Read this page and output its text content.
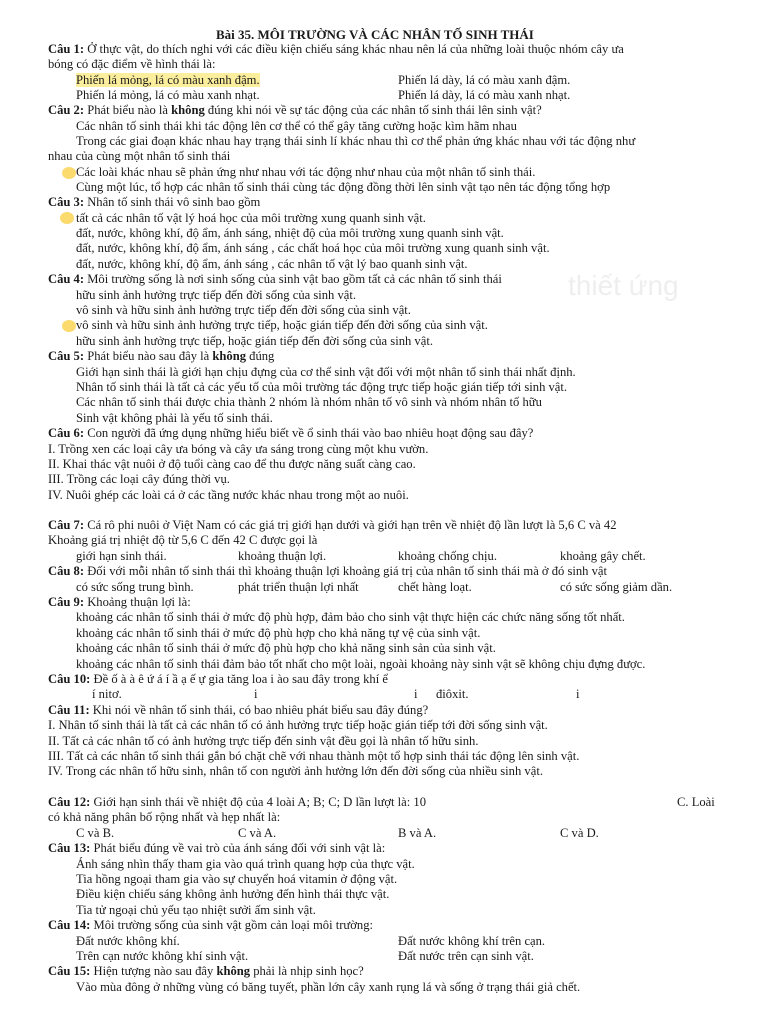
thiết ứng
Bài 35. MÔI TRƯỜNG VÀ CÁC NHÂN TỐ SINH THÁI
Câu 1: Ở thực vật, do thích nghi với các điều kiện chiếu sáng khác nhau nên lá của những loài thuộc nhóm cây ưa
bóng có đặc điểm về hình thái là:
Phiến lá mỏng, lá có màu xanh đậm.	Phiến lá dày, lá có màu xanh đậm.
Phiến lá mỏng, lá có màu xanh nhạt.	Phiến lá dày, lá có màu xanh nhạt.
Câu 2: Phát biểu nào là không đúng khi nói về sự tác động của các nhân tố sinh thái lên sinh vật?
Các nhân tố sinh thái khi tác động lên cơ thể có thể gây tăng cường hoặc kìm hãm nhau
Trong các giai đoạn khác nhau hay trạng thái sinh lí khác nhau thì cơ thể phản ứng khác nhau với tác động như
nhau của cùng một nhân tố sinh thái
Các loài khác nhau sẽ phản ứng như nhau với tác động như nhau của một nhân tố sinh thái.
Cùng một lúc, tổ hợp các nhân tố sinh thái cùng tác động đồng thời lên sinh vật tạo nên tác động tổng hợp
Câu 3: Nhân tố sinh thái vô sinh bao gồm
tất cả các nhân tố vật lý hoá học của môi trường xung quanh sinh vật.
đất, nước, không khí, độ ẩm, ánh sáng, nhiệt độ của môi trường xung quanh sinh vật.
đất, nước, không khí, độ ẩm, ánh sáng , các chất hoá học của môi trường xung quanh sinh vật.
đất, nước, không khí, độ ẩm, ánh sáng , các nhân tố vật lý bao quanh sinh vật.
Câu 4: Môi trường sống là nơi sinh sống của sinh vật bao gồm tất cả các nhân tố sinh thái
hữu sinh ảnh hưởng trực tiếp đến đời sống của sinh vật.
vô sinh và hữu sinh ảnh hưởng trực tiếp đến đời sống của sinh vật.
vô sinh và hữu sinh ảnh hưởng trực tiếp, hoặc gián tiếp đến đời sống của sinh vật.
hữu sinh ảnh hưởng trực tiếp, hoặc gián tiếp đến đời sống của sinh vật.
Câu 5: Phát biểu nào sau đây là không đúng
Giới hạn sinh thái là giới hạn chịu đựng của cơ thể sinh vật đối với một nhân tố sinh thái nhất định.
Nhân tố sinh thái là tất cả các yếu tố của môi trường tác động trực tiếp hoặc gián tiếp tới sinh vật.
Các nhân tố sinh thái được chia thành 2 nhóm là nhóm nhân tố vô sinh và nhóm nhân tố hữu
Sinh vật không phải là yếu tố sinh thái.
Câu 6: Con người đã ứng dụng những hiểu biết về ổ sinh thái vào bao nhiêu hoạt động sau đây?
I. Trồng xen các loại cây ưa bóng và cây ưa sáng trong cùng một khu vườn.
II. Khai thác vật nuôi ở độ tuổi càng cao để thu được năng suất càng cao.
III. Trồng các loại cây đúng thời vụ.
IV. Nuôi ghép các loài cá ở các tầng nước khác nhau trong một ao nuôi.
Câu 7: Cá rô phi nuôi ở Việt Nam có các giá trị giới hạn dưới và giới hạn trên về nhiệt độ lần lượt là 5,6 C và 42
Khoảng giá trị nhiệt độ từ 5,6 C đến 42 C được gọi là
giới hạn sinh thái.	khoảng thuận lợi.	khoảng chống chịu.	khoảng gây chết.
Câu 8: Đối với mỗi nhân tố sinh thái thì khoảng thuận lợi khoảng giá trị của nhân tố sinh thái mà ở đó sinh vật
có sức sống trung bình.	phát triển thuận lợi nhất	chết hàng loạt.	có sức sống giảm dần.
Câu 9: Khoảng thuận lợi là:
khoảng các nhân tố sinh thái ở mức độ phù hợp, đảm bảo cho sinh vật thực hiện các chức năng sống tốt nhất.
khoảng các nhân tố sinh thái ở mức độ phù hợp cho khả năng tự vệ của sinh vật.
khoảng các nhân tố sinh thái ở mức độ phù hợp cho khả năng sinh sản của sinh vật.
khoảng các nhân tố sinh thái đảm bảo tốt nhất cho một loài, ngoài khoảng này sinh vật sẽ không chịu đựng được.
Câu 10: Đề ố à à ê ứ á í ầ ạ ế ự gia tăng loa i ào sau đây trong khí ể
í nitơ.	i	i điôxit.	i
Câu 11: Khi nói về nhân tố sinh thái, có bao nhiêu phát biểu sau đây đúng?
I. Nhân tố sinh thái là tất cả các nhân tố có ảnh hưởng trực tiếp hoặc gián tiếp tới đời sống sinh vật.
II. Tất cả các nhân tố có ảnh hưởng trực tiếp đến sinh vật đều gọi là nhân tố hữu sinh.
III. Tất cả các nhân tố sinh thái gắn bó chặt chẽ với nhau thành một tổ hợp sinh thái tác động lên sinh vật.
IV. Trong các nhân tố hữu sinh, nhân tố con người ảnh hưởng lớn đến đời sống của nhiều sinh vật.
Câu 12: Giới hạn sinh thái về nhiệt độ của 4 loài A; B; C; D lần lượt là: 10	C. Loài
có khả năng phân bố rộng nhất và hẹp nhất là:
C và B.	C và A.	B và A.	C và D.
Câu 13: Phát biểu đúng về vai trò của ánh sáng đối với sinh vật là:
Ánh sáng nhìn thấy tham gia vào quá trình quang hợp của thực vật.
Tia hồng ngoại tham gia vào sự chuyển hoá vitamin ở động vật.
Điều kiện chiếu sáng không ảnh hưởng đến hình thái thực vật.
Tia tử ngoại chủ yếu tạo nhiệt sưởi ấm sinh vật.
Câu 14: Môi trường sống của sinh vật gồm cản loại môi trường:
Đất nước không khí.	Đất nước không khí trên cạn.
Trên cạn nước không khí sinh vật.	Đất nước trên cạn sinh vật.
Câu 15: Hiện tượng nào sau đây không phải là nhịp sinh học?
Vào mùa đông ở những vùng có băng tuyết, phần lớn cây xanh rụng lá và sống ở trạng thái giả chết.
